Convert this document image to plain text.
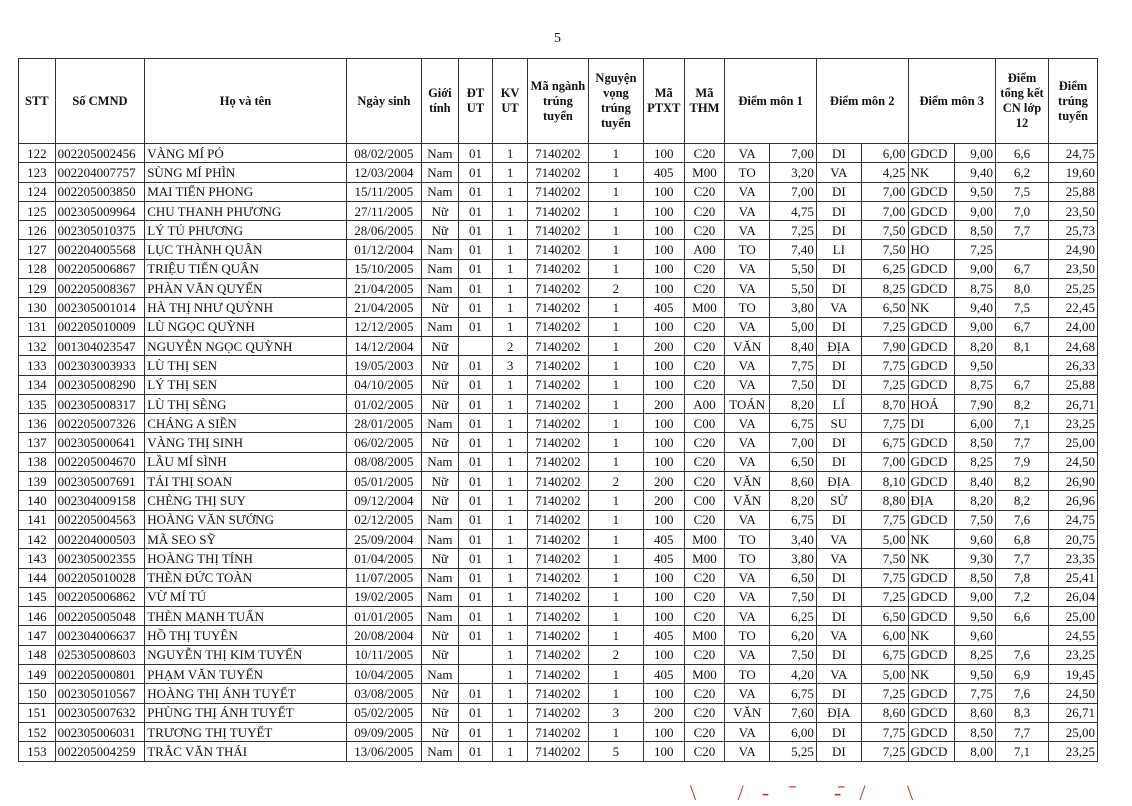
5
STT	Số CMND	Họ và tên	Ngày sinh	Giới tính	ĐT UT	KV UT	Mã ngành trúng tuyển	Nguyện vọng trúng tuyển	Mã PTXT	Mã THM	Điểm môn 1		Điểm môn 2		Điểm môn 3		Điểm tổng kết CN lớp 12	Điểm trúng tuyển
122	002205002456	VÀNG MÍ PÓ	08/02/2005	Nam	01	1	7140202	1	100	C20	VA	7,00	DI	6,00	GDCD	9,00	6,6	24,75
123	002204007757	SÙNG MÍ PHÌN	12/03/2004	Nam	01	1	7140202	1	405	M00	TO	3,20	VA	4,25	NK	9,40	6,2	19,60
124	002205003850	MAI TIẾN PHONG	15/11/2005	Nam	01	1	7140202	1	100	C20	VA	7,00	DI	7,00	GDCD	9,50	7,5	25,88
125	002305009964	CHU THANH PHƯƠNG	27/11/2005	Nữ	01	1	7140202	1	100	C20	VA	4,75	DI	7,00	GDCD	9,00	7,0	23,50
126	002305010375	LÝ TÚ PHƯƠNG	28/06/2005	Nữ	01	1	7140202	1	100	C20	VA	7,25	DI	7,50	GDCD	8,50	7,7	25,73
127	002204005568	LỤC THÀNH QUÂN	01/12/2004	Nam	01	1	7140202	1	100	A00	TO	7,40	LI	7,50	HO	7,25		24,90
128	002205006867	TRIỆU TIẾN QUÂN	15/10/2005	Nam	01	1	7140202	1	100	C20	VA	5,50	DI	6,25	GDCD	9,00	6,7	23,50
129	002205008367	PHÀN VĂN QUYẾN	21/04/2005	Nam	01	1	7140202	2	100	C20	VA	5,50	DI	8,25	GDCD	8,75	8,0	25,25
130	002305001014	HÀ THỊ NHƯ QUỲNH	21/04/2005	Nữ	01	1	7140202	1	405	M00	TO	3,80	VA	6,50	NK	9,40	7,5	22,45
131	002205010009	LÙ NGỌC QUỲNH	12/12/2005	Nam	01	1	7140202	1	100	C20	VA	5,00	DI	7,25	GDCD	9,00	6,7	24,00
132	001304023547	NGUYỄN NGỌC QUỲNH	14/12/2004	Nữ		2	7140202	1	200	C20	VĂN	8,40	ĐỊA	7,90	GDCD	8,20	8,1	24,68
133	002303003933	LÙ THỊ SEN	19/05/2003	Nữ	01	3	7140202	1	100	C20	VA	7,75	DI	7,75	GDCD	9,50		26,33
134	002305008290	LÝ THỊ SEN	04/10/2005	Nữ	01	1	7140202	1	100	C20	VA	7,50	DI	7,25	GDCD	8,75	6,7	25,88
135	002305008317	LÙ THỊ SÈNG	01/02/2005	Nữ	01	1	7140202	1	200	A00	TOÁN	8,20	LÍ	8,70	HOÁ	7,90	8,2	26,71
136	002205007326	CHÁNG A SIỀN	28/01/2005	Nam	01	1	7140202	1	100	C00	VA	6,75	SU	7,75	DI	6,00	7,1	23,25
137	002305000641	VÀNG THỊ SINH	06/02/2005	Nữ	01	1	7140202	1	100	C20	VA	7,00	DI	6,75	GDCD	8,50	7,7	25,00
138	002205004670	LẦU MÍ SÌNH	08/08/2005	Nam	01	1	7140202	1	100	C20	VA	6,50	DI	7,00	GDCD	8,25	7,9	24,50
139	002305007691	TẢI THỊ SOAN	05/01/2005	Nữ	01	1	7140202	2	200	C20	VĂN	8,60	ĐỊA	8,10	GDCD	8,40	8,2	26,90
140	002304009158	CHÈNG THỊ SUY	09/12/2004	Nữ	01	1	7140202	1	200	C00	VĂN	8,20	SỬ	8,80	ĐỊA	8,20	8,2	26,96
141	002205004563	HOÀNG VĂN SƯỚNG	02/12/2005	Nam	01	1	7140202	1	100	C20	VA	6,75	DI	7,75	GDCD	7,50	7,6	24,75
142	002204000503	MÃ SEO SỸ	25/09/2004	Nam	01	1	7140202	1	405	M00	TO	3,40	VA	5,00	NK	9,60	6,8	20,75
143	002305002355	HOÀNG THỊ TÍNH	01/04/2005	Nữ	01	1	7140202	1	405	M00	TO	3,80	VA	7,50	NK	9,30	7,7	23,35
144	002205010028	THÈN ĐỨC TOÀN	11/07/2005	Nam	01	1	7140202	1	100	C20	VA	6,50	DI	7,75	GDCD	8,50	7,8	25,41
145	002205006862	VỪ MÍ TÚ	19/02/2005	Nam	01	1	7140202	1	100	C20	VA	7,50	DI	7,25	GDCD	9,00	7,2	26,04
146	002205005048	THÈN MẠNH TUẤN	01/01/2005	Nam	01	1	7140202	1	100	C20	VA	6,25	DI	6,50	GDCD	9,50	6,6	25,00
147	002304006637	HỒ THỊ TUYÊN	20/08/2004	Nữ	01	1	7140202	1	405	M00	TO	6,20	VA	6,00	NK	9,60		24,55
148	025305008603	NGUYỄN THỊ KIM TUYẾN	10/11/2005	Nữ		1	7140202	2	100	C20	VA	7,50	DI	6,75	GDCD	8,25	7,6	23,25
149	002205000801	PHẠM VĂN TUYẾN	10/04/2005	Nam		1	7140202	1	405	M00	TO	4,20	VA	5,00	NK	9,50	6,9	19,45
150	002305010567	HOÀNG THỊ ÁNH TUYẾT	03/08/2005	Nữ	01	1	7140202	1	100	C20	VA	6,75	DI	7,25	GDCD	7,75	7,6	24,50
151	002305007632	PHÙNG THỊ ÁNH TUYẾT	05/02/2005	Nữ	01	1	7140202	3	200	C20	VĂN	7,60	ĐỊA	8,60	GDCD	8,60	8,3	26,71
152	002305006031	TRƯƠNG THỊ TUYẾT	09/09/2005	Nữ	01	1	7140202	1	100	C20	VA	6,00	DI	7,75	GDCD	8,50	7,7	25,00
153	002205004259	TRẮC VĂN THÁI	13/06/2005	Nam	01	1	7140202	5	100	C20	VA	5,25	DI	7,25	GDCD	8,00	7,1	23,25
\ /- ̄ -̄/ \
